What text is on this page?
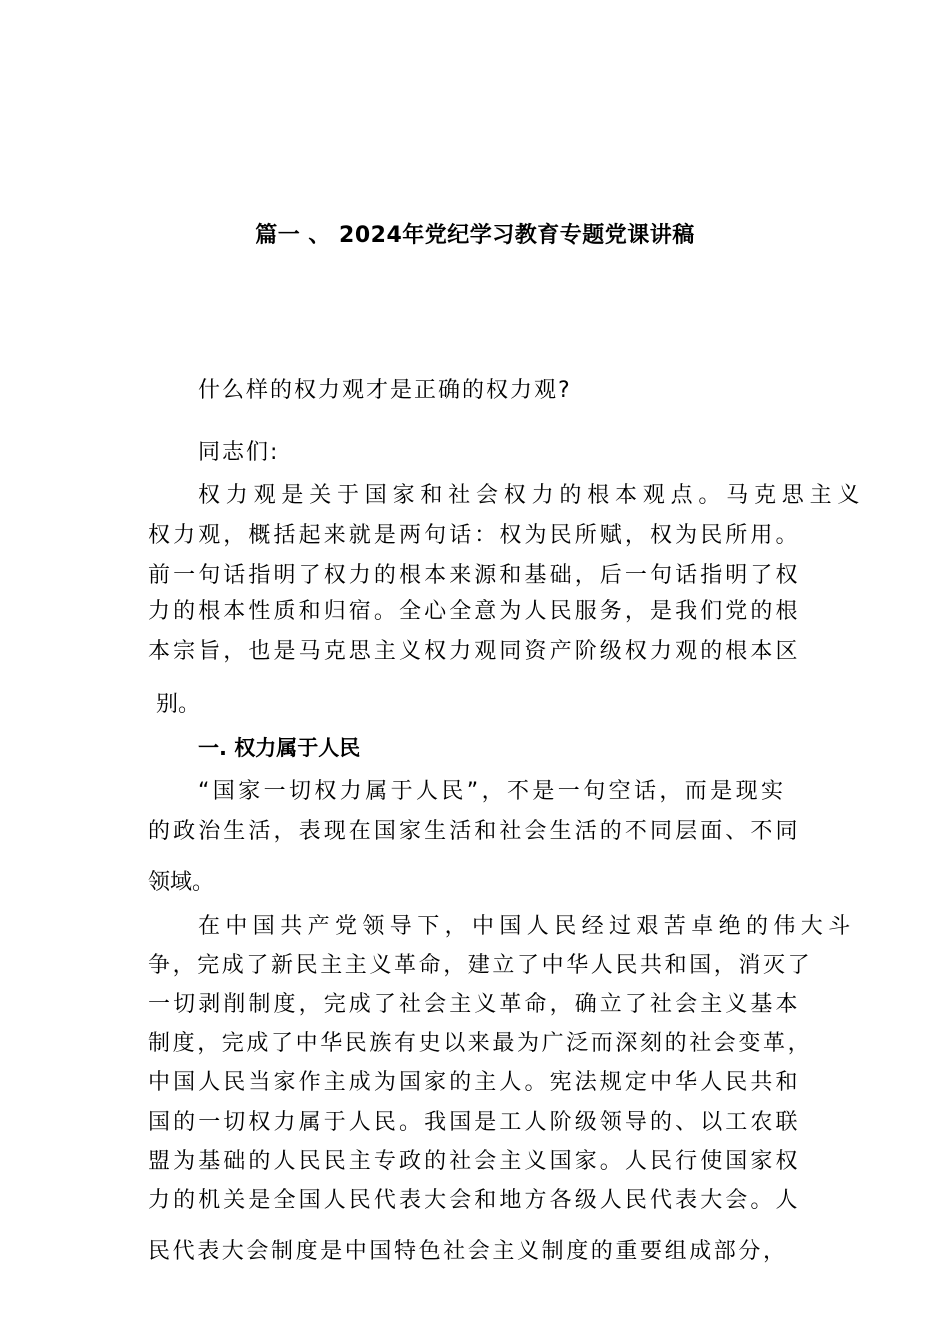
篇一 、 2024年党纪学习教育专题党课讲稿
什么样的权力观才是正确的权力观?
同志们:
权力观是关于国家和社会权力的根本观点。马克思主义
权力观，概括起来就是两句话：权为民所赋，权为民所用。
前一句话指明了权力的根本来源和基础，后一句话指明了权
力的根本性质和归宿。全心全意为人民服务，是我们党的根
本宗旨，也是马克思主义权力观同资产阶级权力观的根本区
别。
一. 权力属于人民
“国家一切权力属于人民”，不是一句空话，而是现实
的政治生活，表现在国家生活和社会生活的不同层面、不同
领域。
在中国共产党领导下，中国人民经过艰苦卓绝的伟大斗
争，完成了新民主主义革命，建立了中华人民共和国，消灭了
一切剥削制度，完成了社会主义革命，确立了社会主义基本
制度，完成了中华民族有史以来最为广泛而深刻的社会变革，
中国人民当家作主成为国家的主人。宪法规定中华人民共和
国的一切权力属于人民。我国是工人阶级领导的、以工农联
盟为基础的人民民主专政的社会主义国家。人民行使国家权
力的机关是全国人民代表大会和地方各级人民代表大会。人
民代表大会制度是中国特色社会主义制度的重要组成部分，
